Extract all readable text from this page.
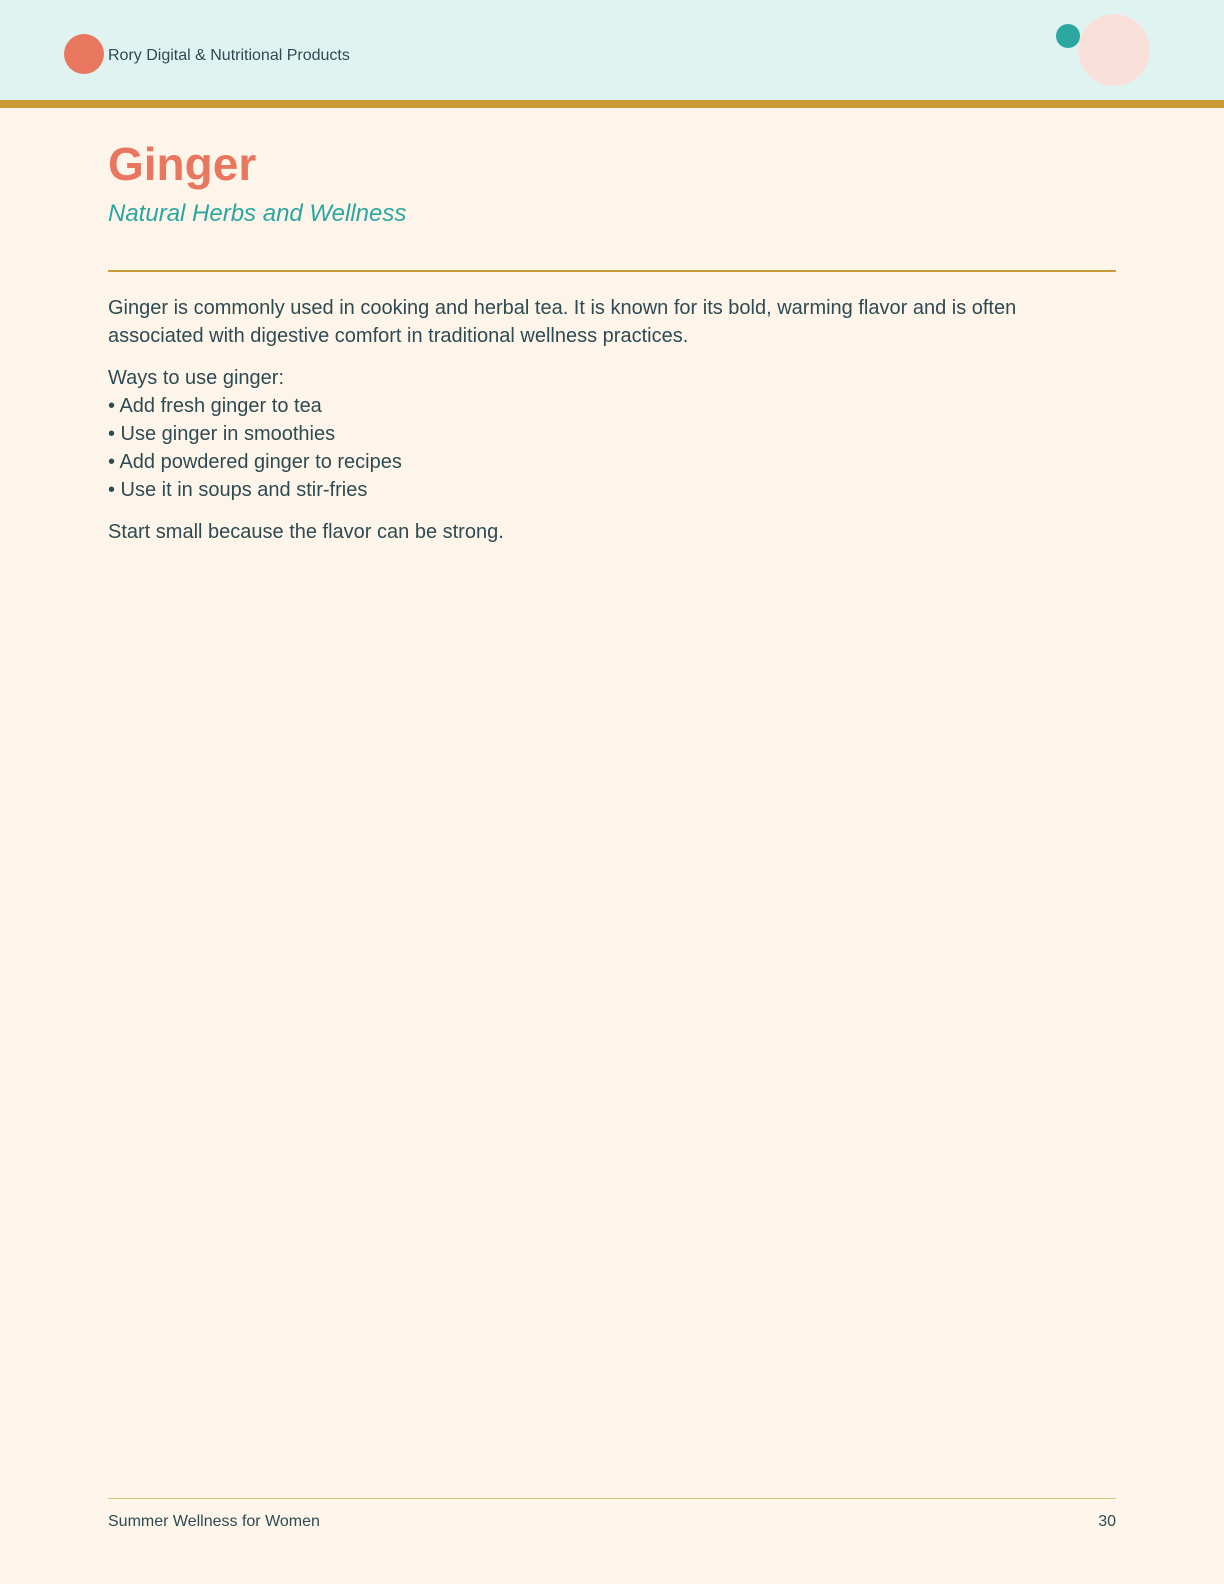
Rory Digital & Nutritional Products
Ginger
Natural Herbs and Wellness

Ginger is commonly used in cooking and herbal tea. It is known for its bold, warming flavor and is often associated with digestive comfort in traditional wellness practices.

Ways to use ginger:
• Add fresh ginger to tea
• Use ginger in smoothies
• Add powdered ginger to recipes
• Use it in soups and stir-fries

Start small because the flavor can be strong.

Summer Wellness for Women	30
